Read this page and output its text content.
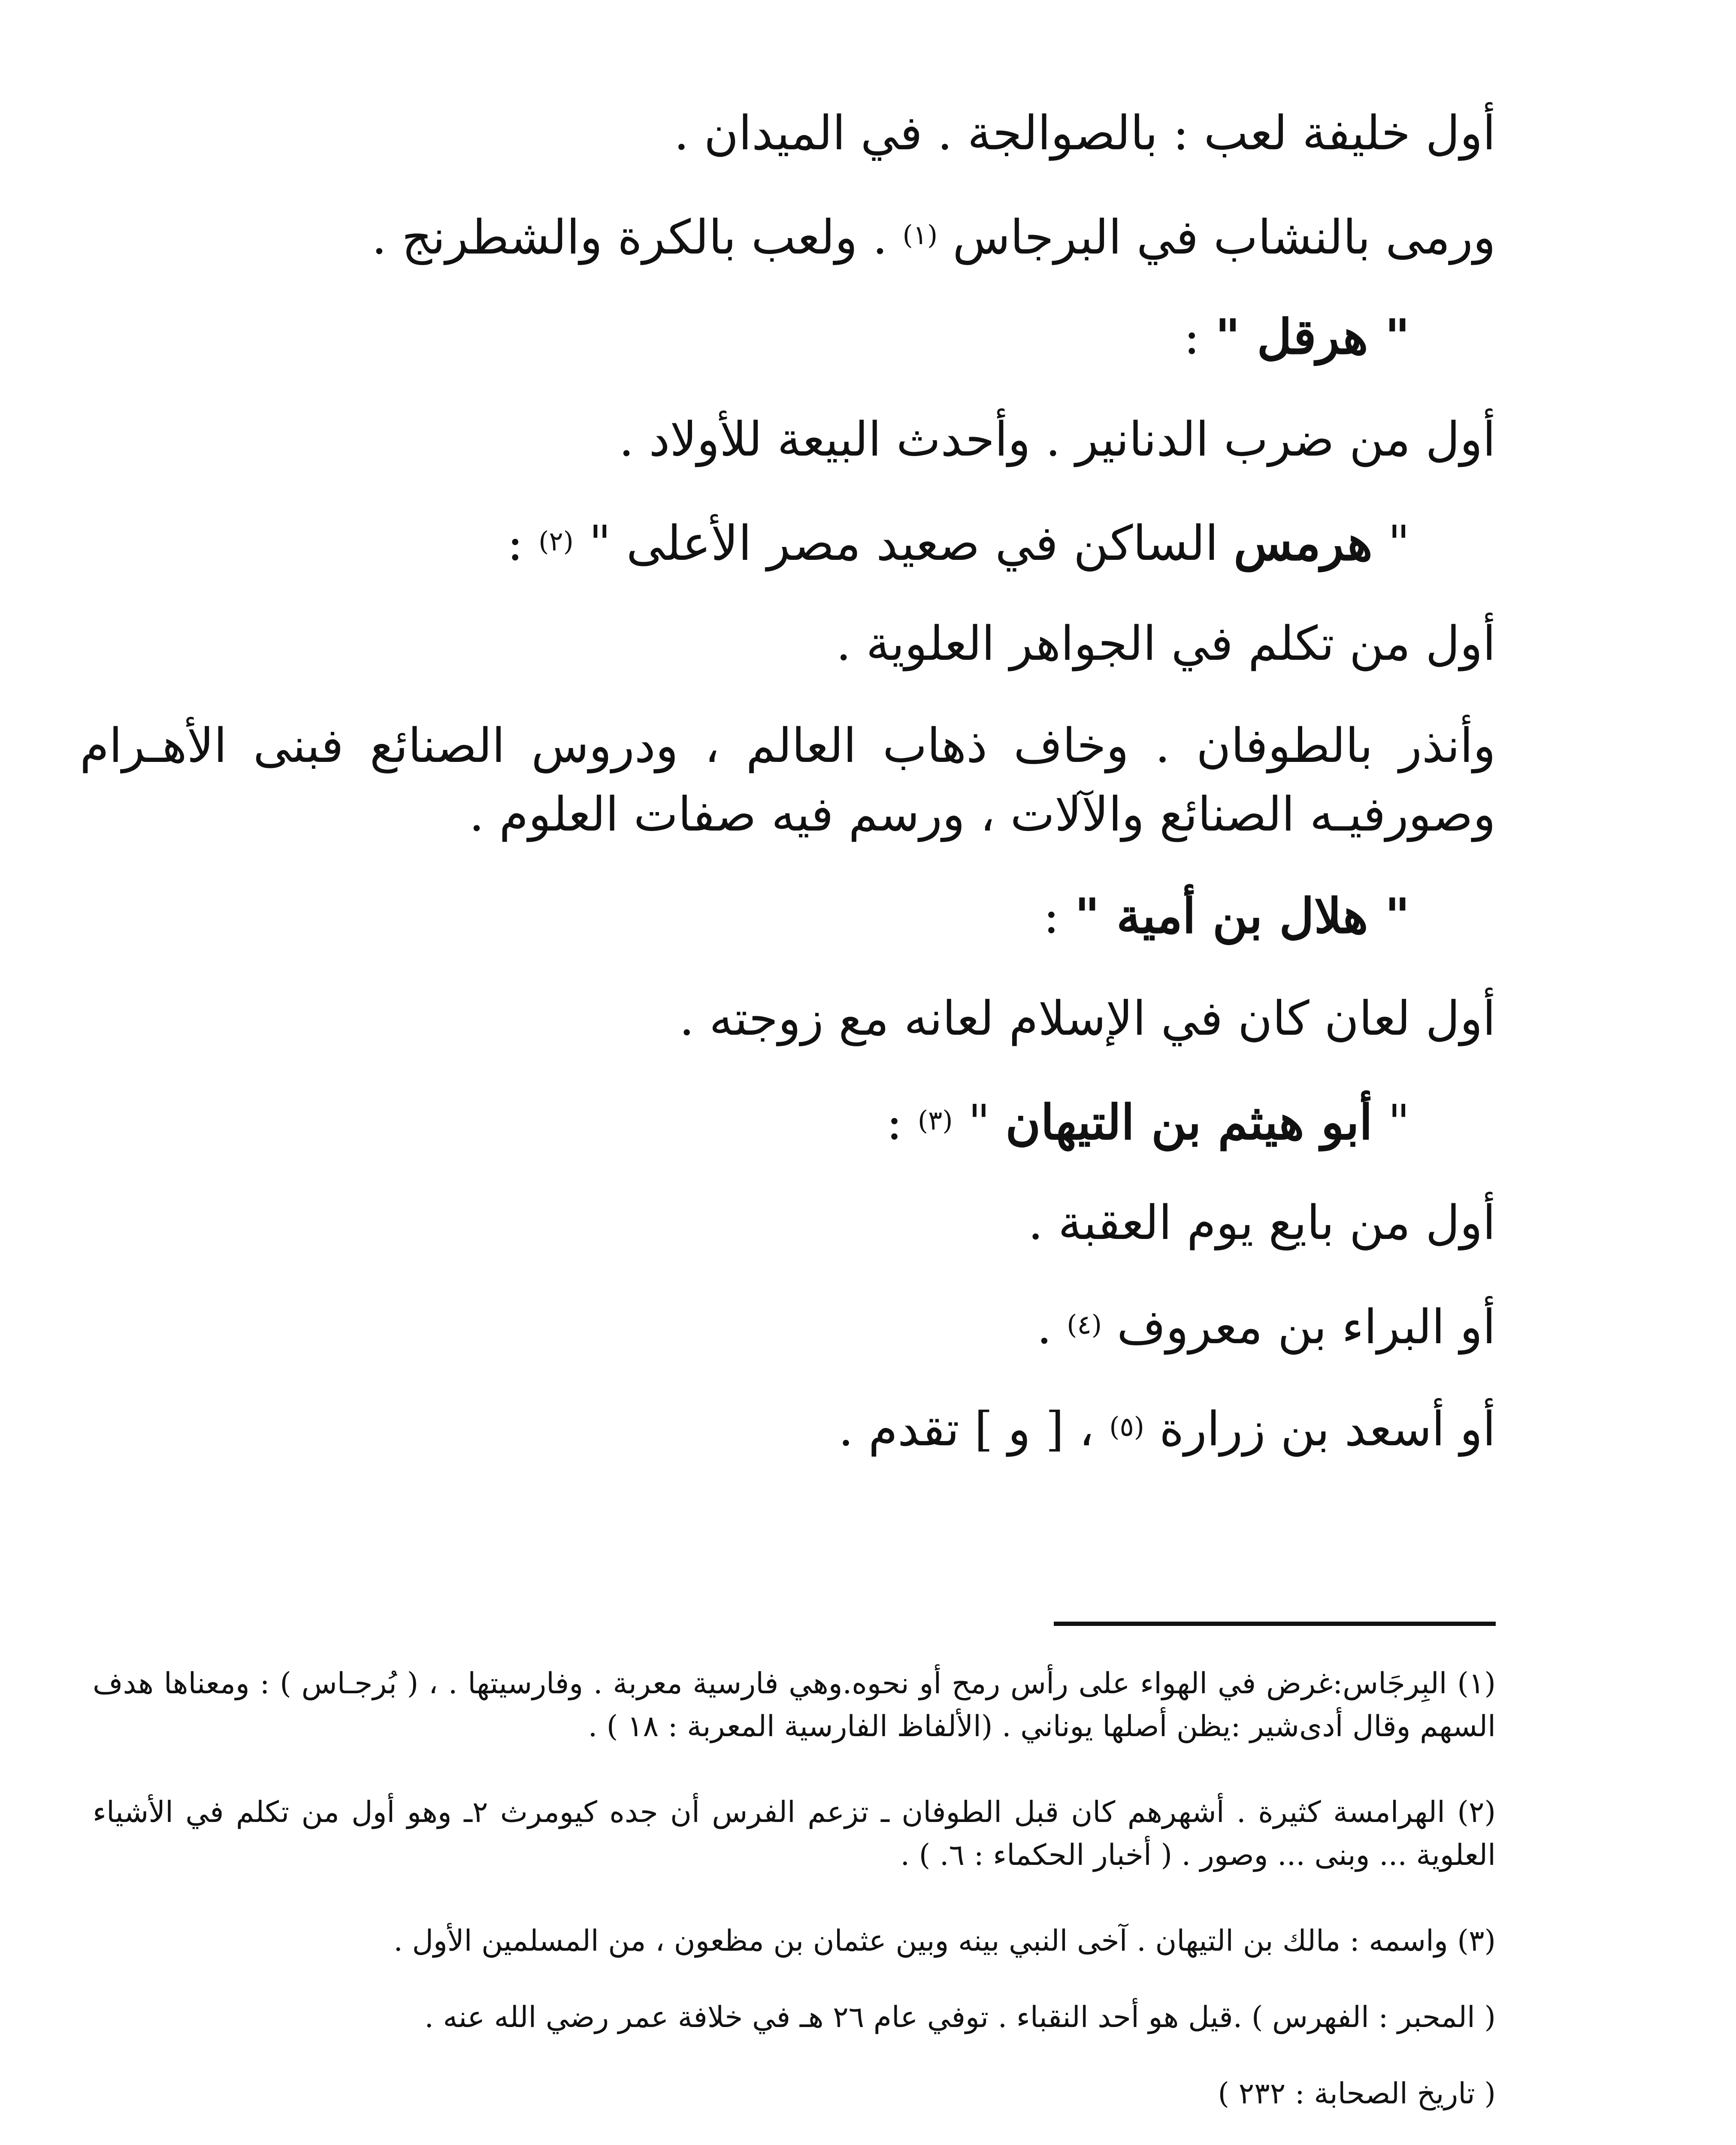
أول خليفة لعب : بالصوالجة . في الميدان .
ورمى بالنشاب في البرجاس $^{(١)}$ . ولعب بالكرة والشطرنج .
" هرقل " :
أول من ضرب الدنانير . وأحدث البيعة للأولاد .
" هرمس الساكن في صعيد مصر الأعلى " $^{(٢)}$ :
أول من تكلم في الجواهر العلوية .
وأنذر بالطوفان . وخاف ذهاب العالم ، ودروس الصنائع فبنى الأهـرام وصورفيـه الصنائع والآلات ، ورسم فيه صفات العلوم .
" هلال بن أمية " :
أول لعان كان في الإسلام لعانه مع زوجته .
" أبو هيثم بن التيهان " $^{(٣)}$ :
أول من بايع يوم العقبة .
أو البراء بن معروف $^{(٤)}$ .
أو أسعد بن زرارة $^{(٥)}$ ، [ و ] تقدم .
(١) البِرجَاس:غرض في الهواء على رأس رمح أو نحوه.وهي فارسية معربة . وفارسيتها . ، ( بُرجـاس ) : ومعناها هدف السهم وقال أدى‌شير :يظن أصلها يوناني . (الألفاظ الفارسية المعربة : ١٨ ) .
(٢) الهرامسة كثيرة . أشهرهم كان قبل الطوفان ـ تزعم الفرس أن جده كيومرث ٢ـ وهو أول من تكلم في الأشياء العلوية ... وبنى ... وصور . ( أخبار الحكماء : ٦. ) .
(٣) واسمه : مالك بن التيهان . آخى النبي بينه وبين عثمان بن مظعون ، من المسلمين الأول .
( المحبر : الفهرس ) .قيل هو أحد النقباء . توفي عام ٢٦ هـ في خلافة عمر رضي الله عنه .
( تاريخ الصحابة : ٢٣٢ )
